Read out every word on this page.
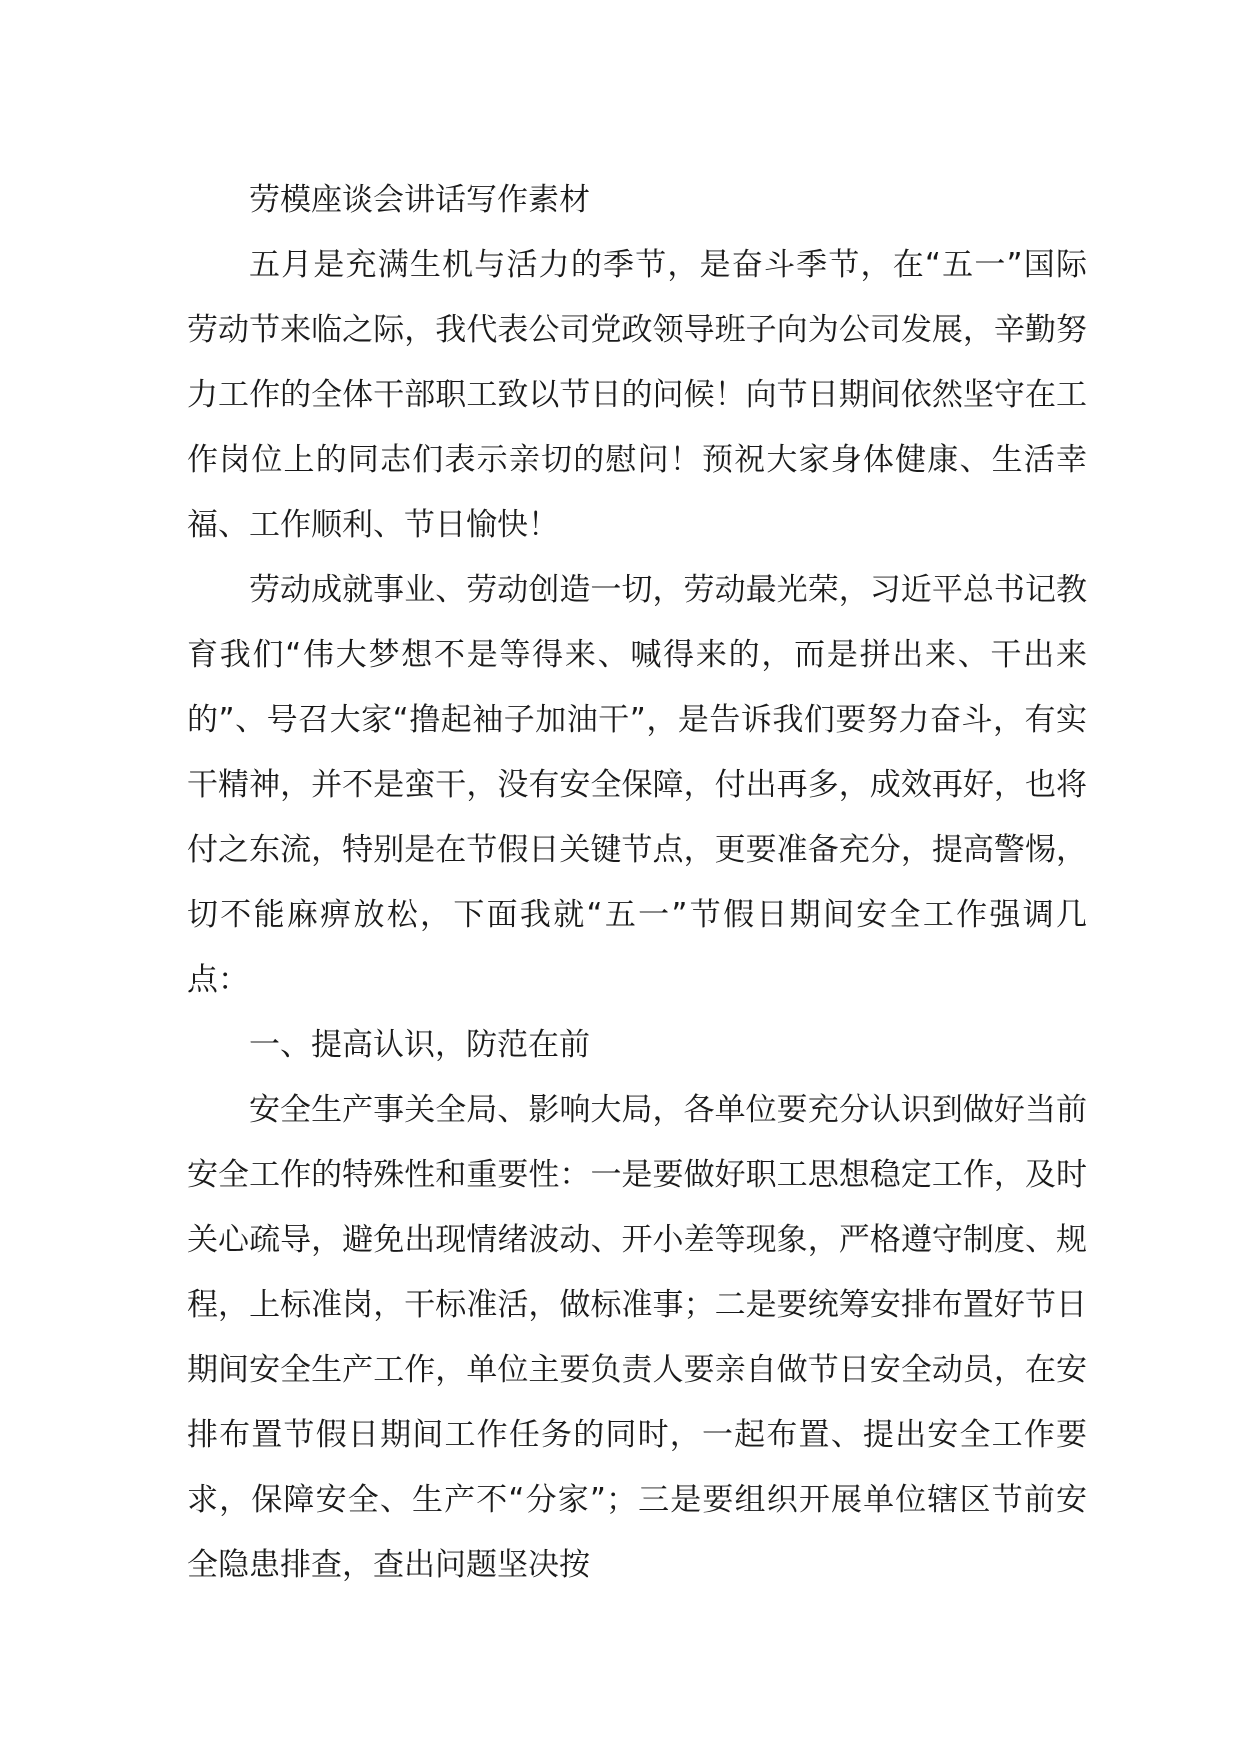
劳模座谈会讲话写作素材

五月是充满生机与活力的季节，是奋斗季节，在“五一”国际劳动节来临之际，我代表公司党政领导班子向为公司发展，辛勤努力工作的全体干部职工致以节日的问候！向节日期间依然坚守在工作岗位上的同志们表示亲切的慰问！预祝大家身体健康、生活幸福、工作顺利、节日愉快！

劳动成就事业、劳动创造一切，劳动最光荣，习近平总书记教育我们“伟大梦想不是等得来、喊得来的，而是拼出来、干出来的”、号召大家“撸起袖子加油干”，是告诉我们要努力奋斗，有实干精神，并不是蛮干，没有安全保障，付出再多，成效再好，也将付之东流，特别是在节假日关键节点，更要准备充分，提高警惕，切不能麻痹放松，下面我就“五一”节假日期间安全工作强调几点：

一、提高认识，防范在前

安全生产事关全局、影响大局，各单位要充分认识到做好当前安全工作的特殊性和重要性：一是要做好职工思想稳定工作，及时关心疏导，避免出现情绪波动、开小差等现象，严格遵守制度、规程，上标准岗，干标准活，做标准事；二是要统筹安排布置好节日期间安全生产工作，单位主要负责人要亲自做节日安全动员，在安排布置节假日期间工作任务的同时，一起布置、提出安全工作要求，保障安全、生产不“分家”；三是要组织开展单位辖区节前安全隐患排查，查出问题坚决按
